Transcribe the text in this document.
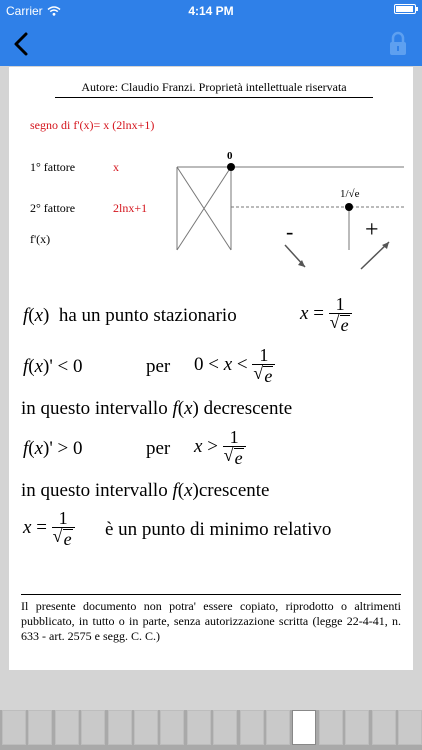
Carrier	4:14 PM
Autore: Claudio Franzi. Proprietà intellettuale riservata
segno di f'(x)= x (2lnx+1)
1° fattore	x
2° fattore	2lnx+1
f'(x)
0
1/√e
-	+
f(x)  ha un punto stazionario	x = 1
√ e
f(x)' < 0	per 0 < x < 1
√ e
in questo intervallo f(x) decrescente
f(x)' > 0	per x > 1
√ e
in questo intervallo f(x)crescente
x = 1
√ e è un punto di minimo relativo
Il presente documento non potra' essere copiato, riprodotto o altrimenti pubblicato, in tutto o in parte, senza autorizzazione scritta (legge 22-4-41, n. 633 - art. 2575 e segg. C. C.)
